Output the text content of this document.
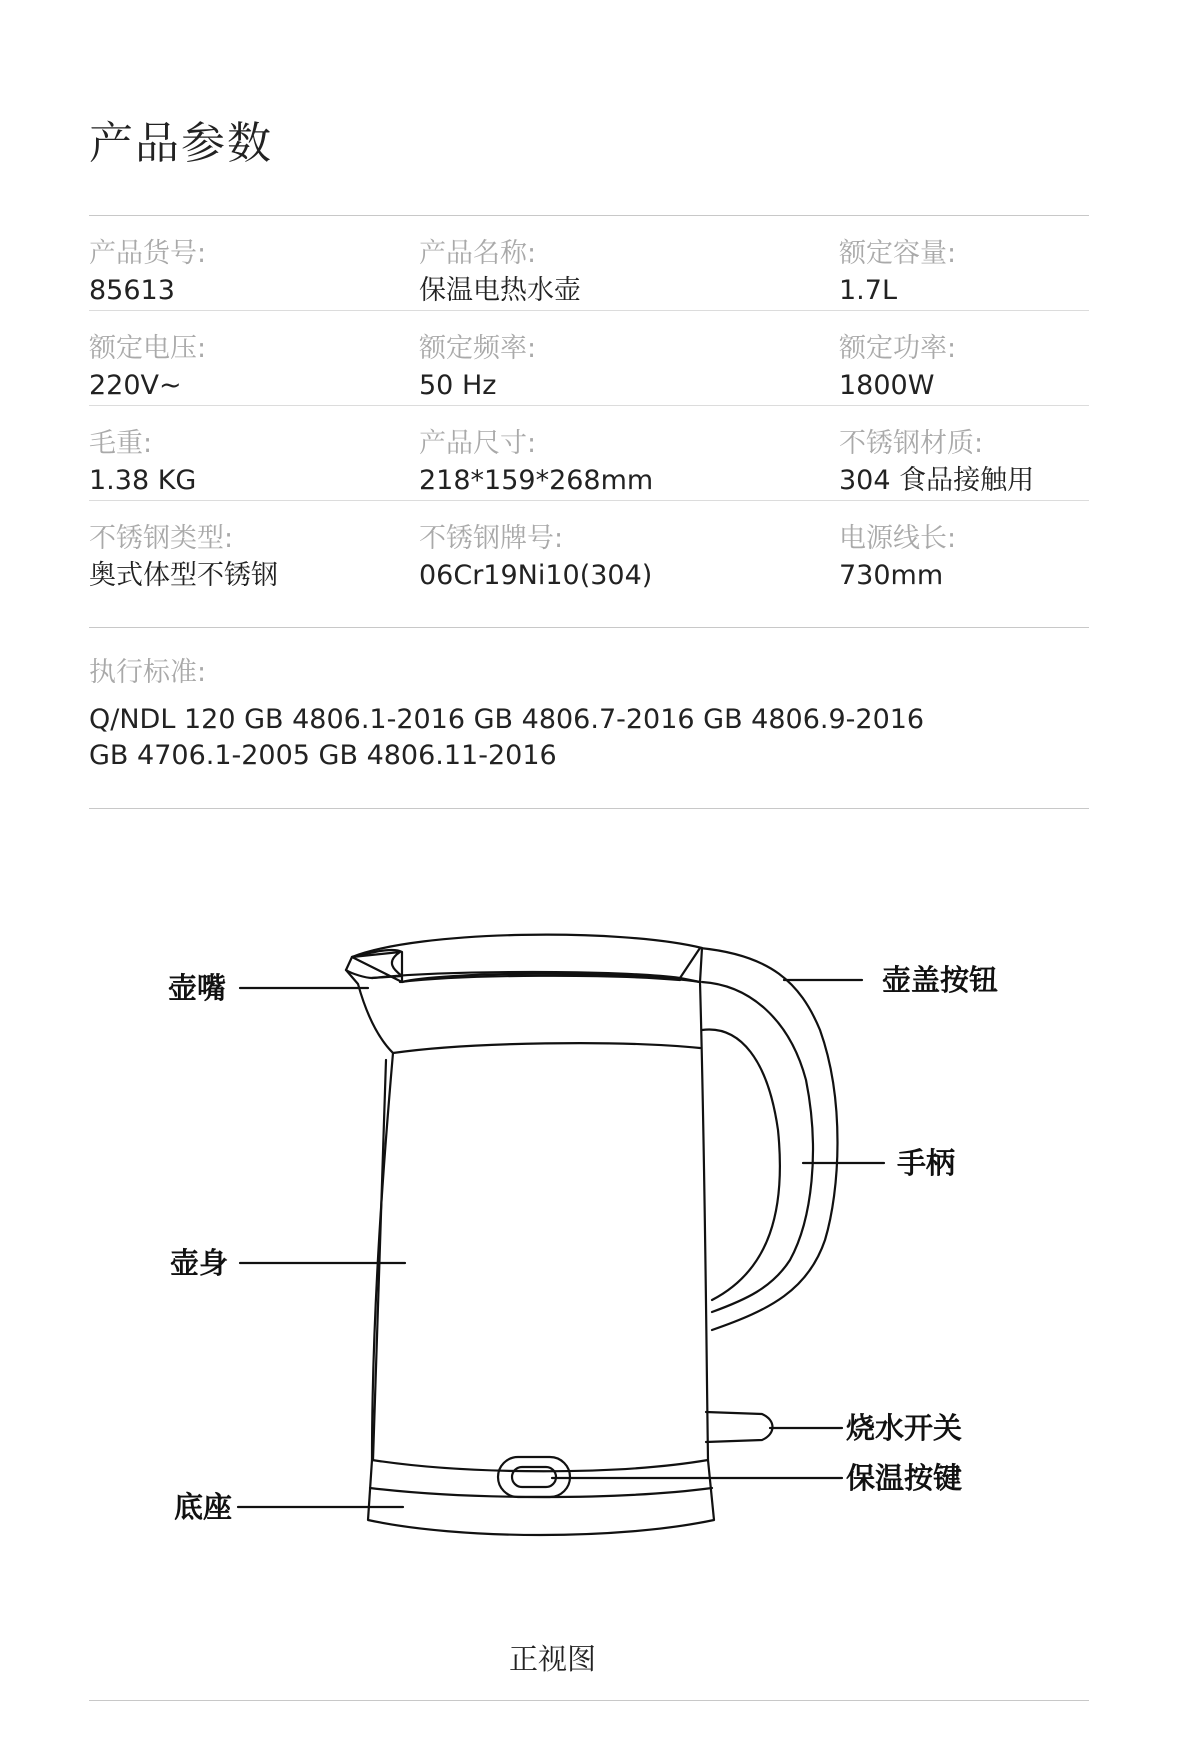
产品参数
产品货号:
85613
产品名称:
保温电热水壶
额定容量:
1.7L
额定电压:
220V~
额定频率:
50 Hz
额定功率:
1800W
毛重:
1.38 KG
产品尺寸:
218*159*268mm
不锈钢材质:
304 食品接触用
不锈钢类型:
奥式体型不锈钢
不锈钢牌号:
06Cr19Ni10(304)
电源线长:
730mm
执行标准:
Q/NDL 120 GB 4806.1-2016 GB 4806.7-2016 GB 4806.9-2016
GB 4706.1-2005 GB 4806.11-2016
壶嘴	壶盖按钮
手柄
壶身
烧水开关
保温按键
底座
正视图
